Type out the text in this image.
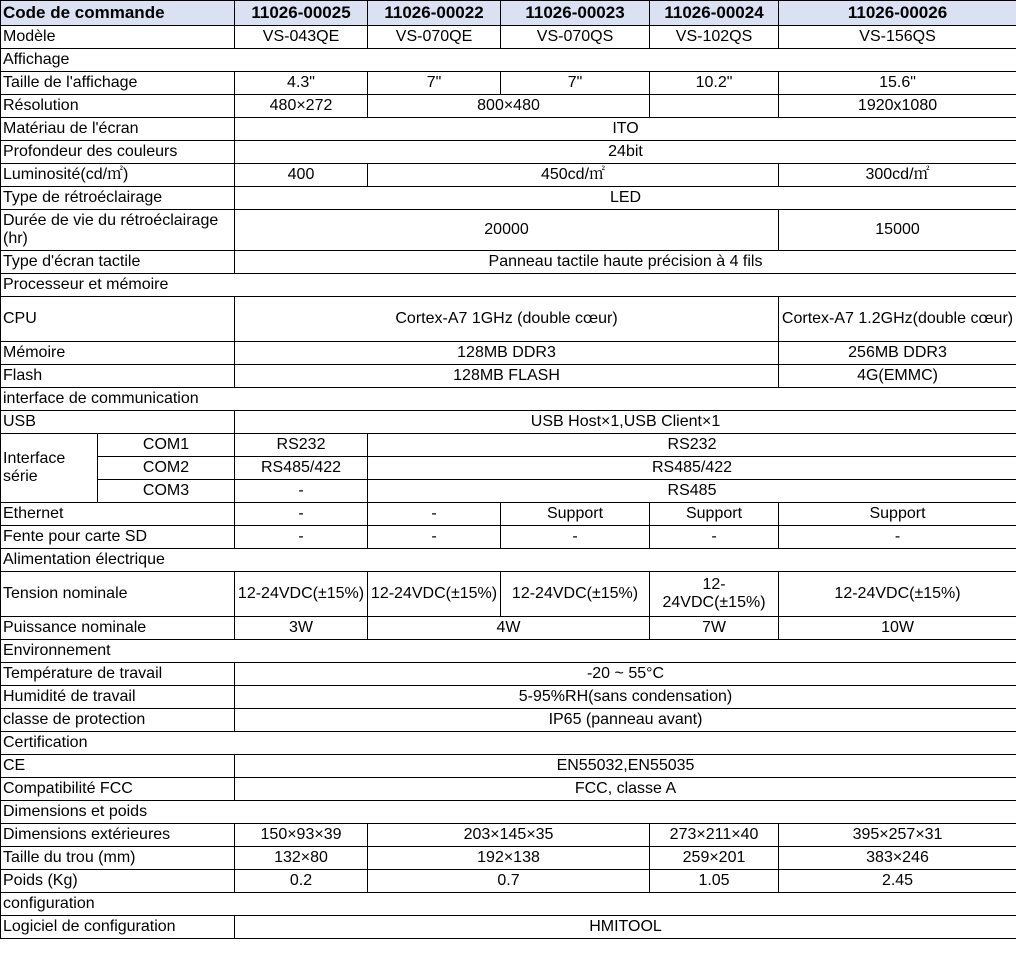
Code de commande		11026-00025	11026-00022	11026-00023	11026-00024	11026-00026
Modèle		VS-043QE	VS-070QE	VS-070QS	VS-102QS	VS-156QS
Affichage						
Taille de l'affichage		4.3"	7"	7"	10.2"	15.6"
Résolution		480×272	800×480			1920x1080
Matériau de l'écran		ITO				
Profondeur des couleurs		24bit				
Luminosité(cd/㎡)		400	450cd/㎡			300cd/㎡
Type de rétroéclairage		LED				
Durée de vie du rétroéclairage (hr)		20000				15000
Type d'écran tactile		Panneau tactile haute précision à 4 fils				
Processeur et mémoire						
CPU		Cortex-A7 1GHz (double cœur)				Cortex-A7 1.2GHz(double cœur)
Mémoire		128MB DDR3				256MB DDR3
Flash		128MB FLASH				4G(EMMC)
interface de communication						
USB		USB Host×1,USB Client×1				
Interface série	COM1	RS232	RS232			
	COM2	RS485/422	RS485/422			
	COM3	-	RS485			
Ethernet		-	-	Support	Support	Support
Fente pour carte SD		-	-	-	-	-
Alimentation électrique						
Tension nominale		12-24VDC(±15%)	12-24VDC(±15%)	12-24VDC(±15%)	12-24VDC(±15%)	12-24VDC(±15%)
Puissance nominale		3W	4W		7W	10W
Environnement						
Température de travail		-20 ~ 55°C				
Humidité de travail		5-95%RH(sans condensation)				
classe de protection		IP65 (panneau avant)				
Certification						
CE		EN55032,EN55035				
Compatibilité FCC		FCC, classe A				
Dimensions et poids						
Dimensions extérieures		150×93×39	203×145×35		273×211×40	395×257×31
Taille du trou (mm)		132×80	192×138		259×201	383×246
Poids (Kg)		0.2	0.7		1.05	2.45
configuration						
Logiciel de configuration		HMITOOL				
